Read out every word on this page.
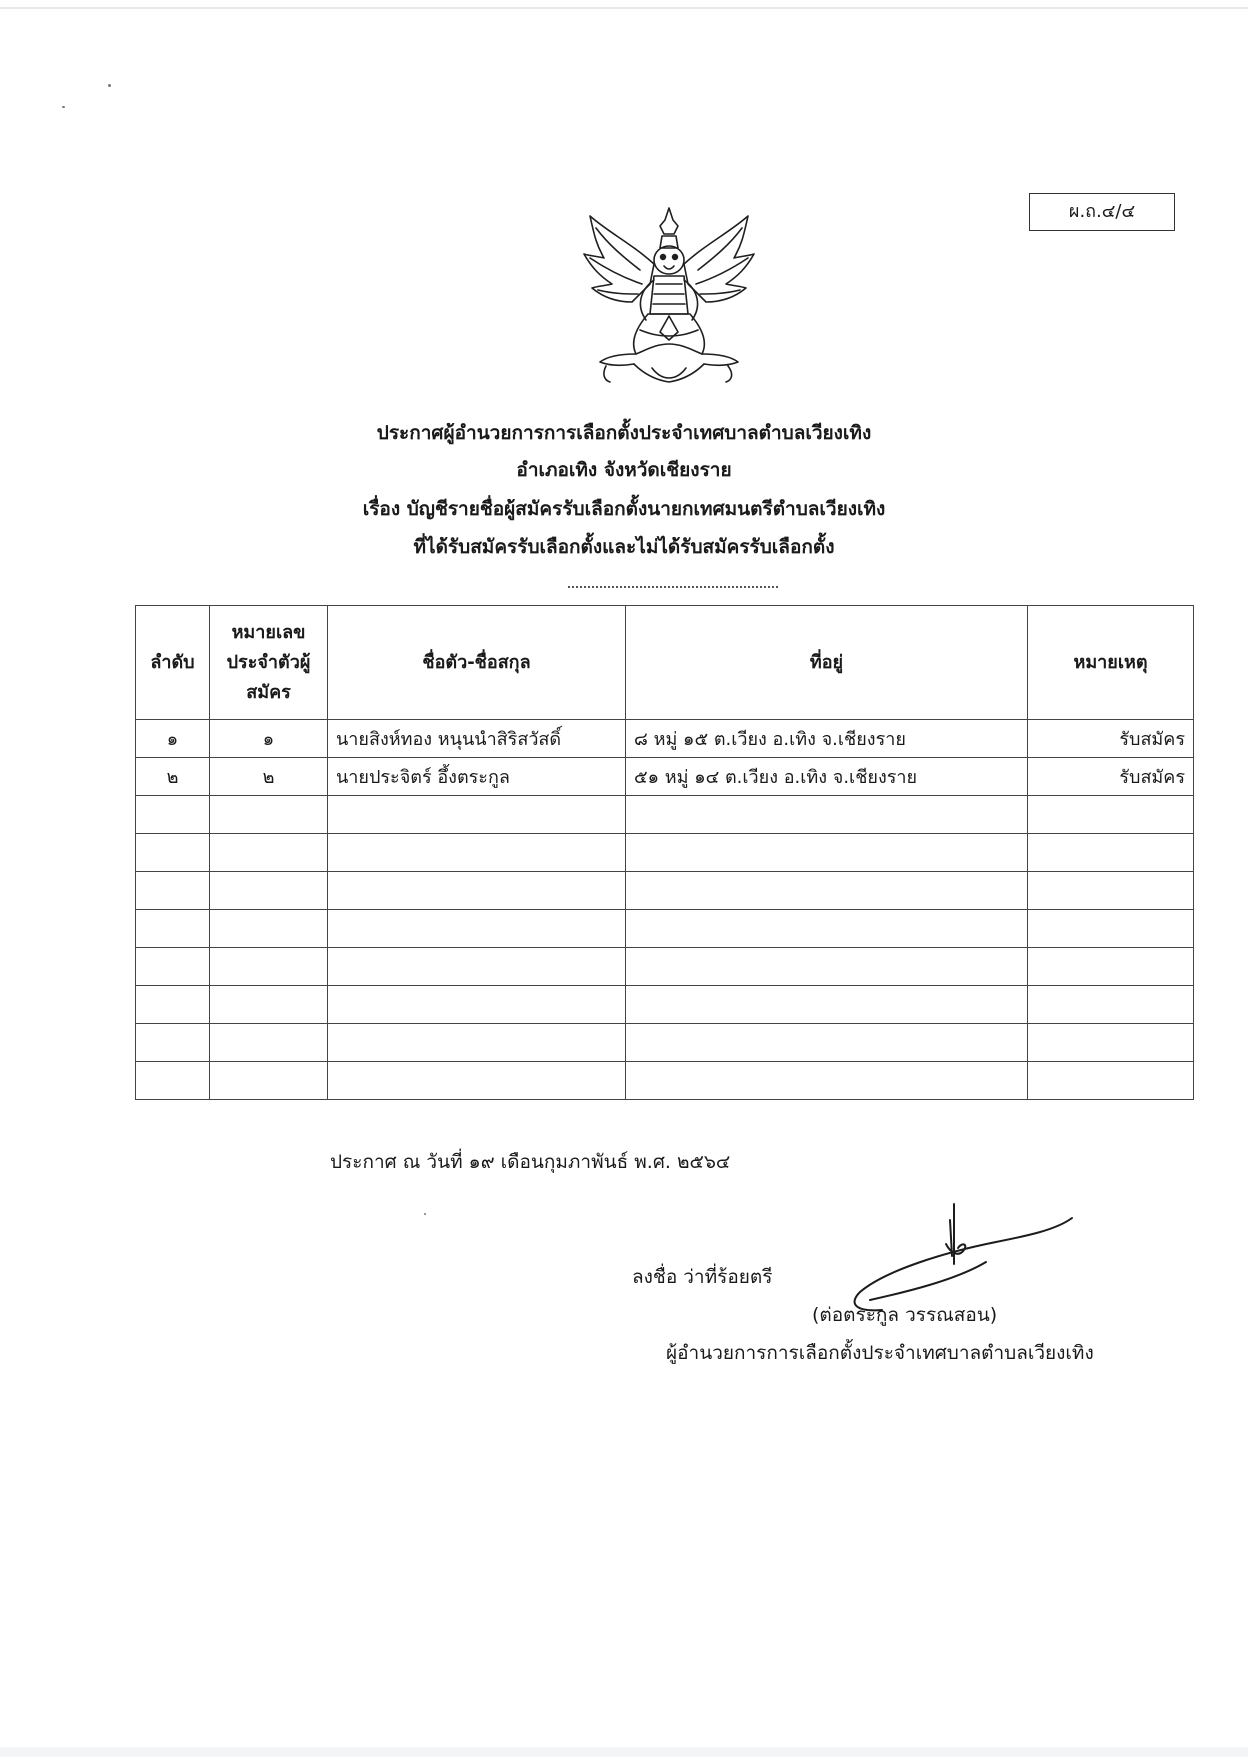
ผ.ถ.๔/๔
ประกาศผู้อำนวยการการเลือกตั้งประจำเทศบาลตำบลเวียงเทิง
อำเภอเทิง จังหวัดเชียงราย
เรื่อง บัญชีรายชื่อผู้สมัครรับเลือกตั้งนายกเทศมนตรีตำบลเวียงเทิง
ที่ได้รับสมัครรับเลือกตั้งและไม่ได้รับสมัครรับเลือกตั้ง
ลำดับ	หมายเลขประจำตัวผู้สมัคร	ชื่อตัว-ชื่อสกุล	ที่อยู่	หมายเหตุ
๑	๑	นายสิงห์ทอง หนุนนำสิริสวัสดิ์	๘ หมู่ ๑๕ ต.เวียง อ.เทิง จ.เชียงราย	รับสมัคร
๒	๒	นายประจิตร์ อึ้งตระกูล	๕๑ หมู่ ๑๔ ต.เวียง อ.เทิง จ.เชียงราย	รับสมัคร

ประกาศ ณ วันที่ ๑๙ เดือนกุมภาพันธ์ พ.ศ. ๒๕๖๔
ลงชื่อ ว่าที่ร้อยตรี
(ต่อตระกูล วรรณสอน)
ผู้อำนวยการการเลือกตั้งประจำเทศบาลตำบลเวียงเทิง
